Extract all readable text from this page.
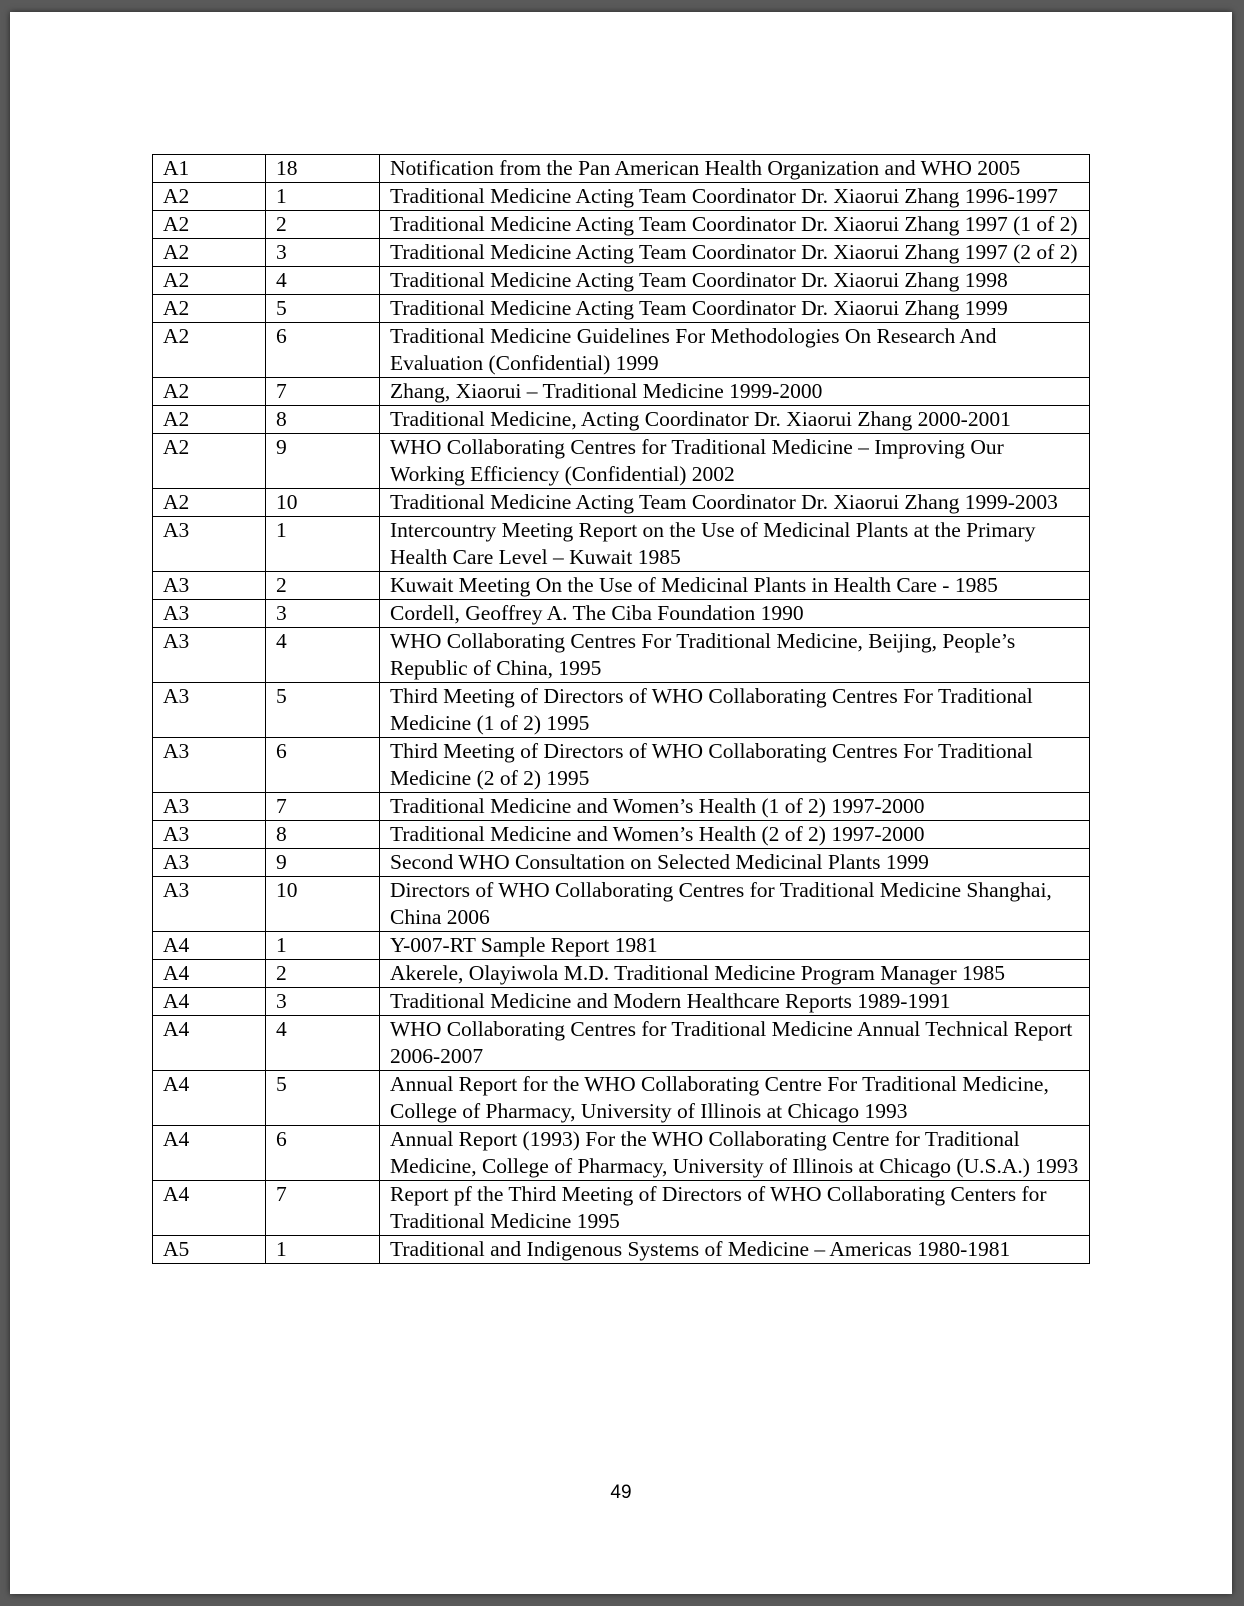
A1	18	Notification from the Pan American Health Organization and WHO 2005
A2	1	Traditional Medicine Acting Team Coordinator Dr. Xiaorui Zhang 1996-1997
A2	2	Traditional Medicine Acting Team Coordinator Dr. Xiaorui Zhang 1997 (1 of 2)
A2	3	Traditional Medicine Acting Team Coordinator Dr. Xiaorui Zhang 1997 (2 of 2)
A2	4	Traditional Medicine Acting Team Coordinator Dr. Xiaorui Zhang 1998
A2	5	Traditional Medicine Acting Team Coordinator Dr. Xiaorui Zhang 1999
A2	6	Traditional Medicine Guidelines For Methodologies On Research And Evaluation (Confidential) 1999
A2	7	Zhang, Xiaorui – Traditional Medicine 1999-2000
A2	8	Traditional Medicine, Acting Coordinator Dr. Xiaorui Zhang 2000-2001
A2	9	WHO Collaborating Centres for Traditional Medicine – Improving Our Working Efficiency (Confidential) 2002
A2	10	Traditional Medicine Acting Team Coordinator Dr. Xiaorui Zhang 1999-2003
A3	1	Intercountry Meeting Report on the Use of Medicinal Plants at the Primary Health Care Level – Kuwait 1985
A3	2	Kuwait Meeting On the Use of Medicinal Plants in Health Care - 1985
A3	3	Cordell, Geoffrey A. The Ciba Foundation 1990
A3	4	WHO Collaborating Centres For Traditional Medicine, Beijing, People’s Republic of China, 1995
A3	5	Third Meeting of Directors of WHO Collaborating Centres For Traditional Medicine (1 of 2) 1995
A3	6	Third Meeting of Directors of WHO Collaborating Centres For Traditional Medicine (2 of 2) 1995
A3	7	Traditional Medicine and Women’s Health (1 of 2) 1997-2000
A3	8	Traditional Medicine and Women’s Health (2 of 2) 1997-2000
A3	9	Second WHO Consultation on Selected Medicinal Plants 1999
A3	10	Directors of WHO Collaborating Centres for Traditional Medicine Shanghai, China 2006
A4	1	Y-007-RT Sample Report 1981
A4	2	Akerele, Olayiwola M.D. Traditional Medicine Program Manager 1985
A4	3	Traditional Medicine and Modern Healthcare Reports 1989-1991
A4	4	WHO Collaborating Centres for Traditional Medicine Annual Technical Report 2006-2007
A4	5	Annual Report for the WHO Collaborating Centre For Traditional Medicine, College of Pharmacy, University of Illinois at Chicago 1993
A4	6	Annual Report (1993) For the WHO Collaborating Centre for Traditional Medicine, College of Pharmacy, University of Illinois at Chicago (U.S.A.) 1993
A4	7	Report pf the Third Meeting of Directors of WHO Collaborating Centers for Traditional Medicine 1995
A5	1	Traditional and Indigenous Systems of Medicine – Americas 1980-1981
49
